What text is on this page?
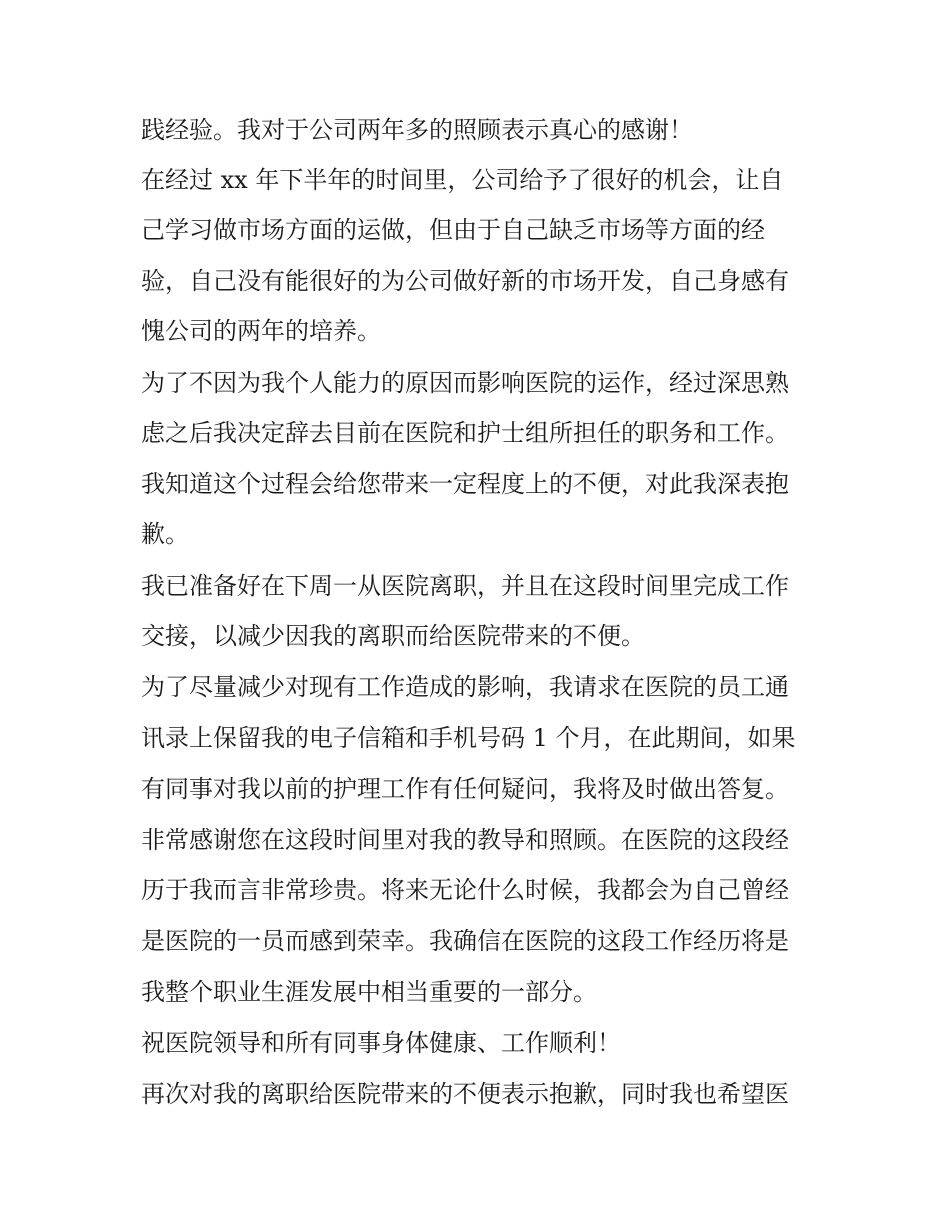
践经验。我对于公司两年多的照顾表示真心的感谢！
在经过 xx 年下半年的时间里，公司给予了很好的机会，让自
己学习做市场方面的运做，但由于自己缺乏市场等方面的经
验，自己没有能很好的为公司做好新的市场开发，自己身感有
愧公司的两年的培养。
为了不因为我个人能力的原因而影响医院的运作，经过深思熟
虑之后我决定辞去目前在医院和护士组所担任的职务和工作。
我知道这个过程会给您带来一定程度上的不便，对此我深表抱
歉。
我已准备好在下周一从医院离职，并且在这段时间里完成工作
交接，以减少因我的离职而给医院带来的不便。
为了尽量减少对现有工作造成的影响，我请求在医院的员工通
讯录上保留我的电子信箱和手机号码 1 个月，在此期间，如果
有同事对我以前的护理工作有任何疑问，我将及时做出答复。
非常感谢您在这段时间里对我的教导和照顾。在医院的这段经
历于我而言非常珍贵。将来无论什么时候，我都会为自己曾经
是医院的一员而感到荣幸。我确信在医院的这段工作经历将是
我整个职业生涯发展中相当重要的一部分。
祝医院领导和所有同事身体健康、工作顺利！
再次对我的离职给医院带来的不便表示抱歉，同时我也希望医
